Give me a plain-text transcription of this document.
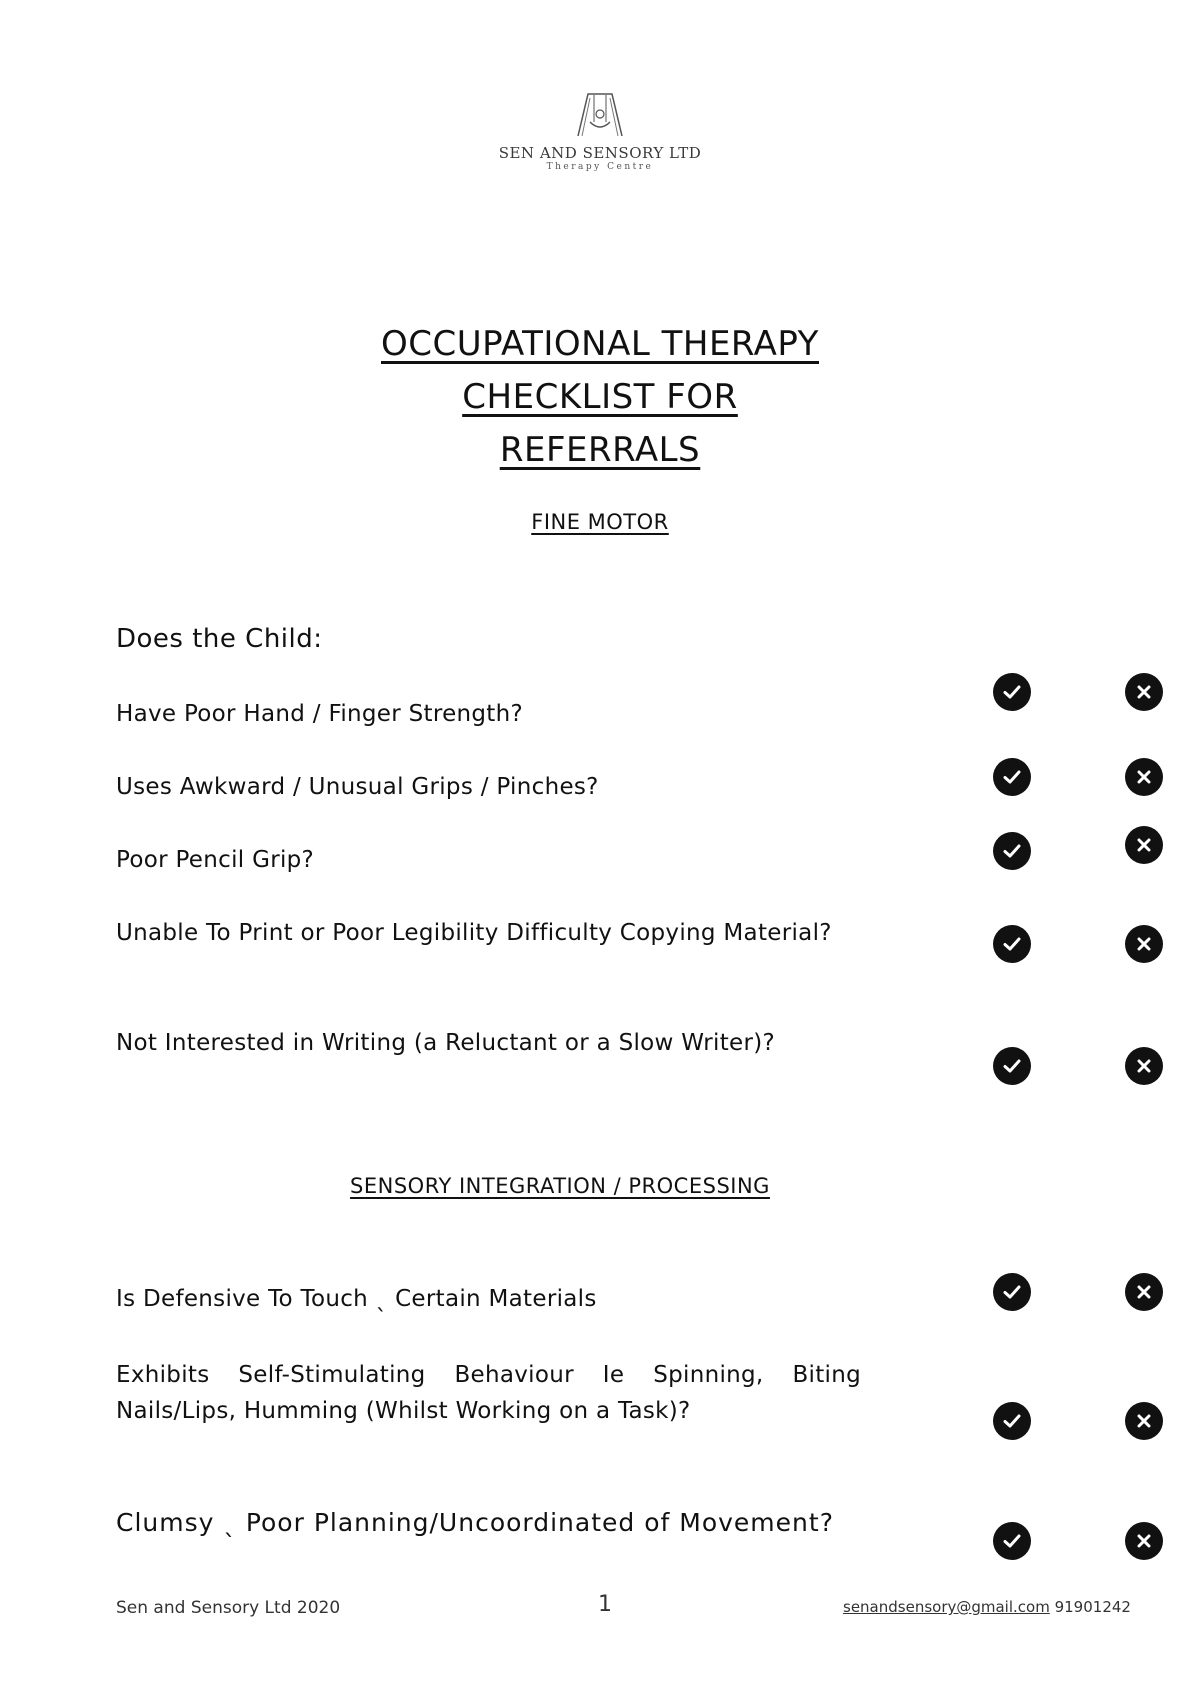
SEN AND SENSORY LTD
Therapy Centre
OCCUPATIONAL THERAPY
CHECKLIST FOR
REFERRALS
FINE MOTOR
Does the Child:
Have Poor Hand / Finger Strength?
Uses Awkward / Unusual Grips / Pinches?
Poor Pencil Grip?
Unable To Print or Poor Legibility Difficulty Copying Material?
Not Interested in Writing (a Reluctant or a Slow Writer)?
SENSORY INTEGRATION / PROCESSING
Is Defensive To Touch ˎ Certain Materials
Exhibits Self-Stimulating Behaviour Ie Spinning, Biting Nails/Lips, Humming (Whilst Working on a Task)?
Clumsy ˎ Poor Planning/Uncoordinated of Movement?
Sen and Sensory Ltd 2020	1	senandsensory@gmail.com 91901242
